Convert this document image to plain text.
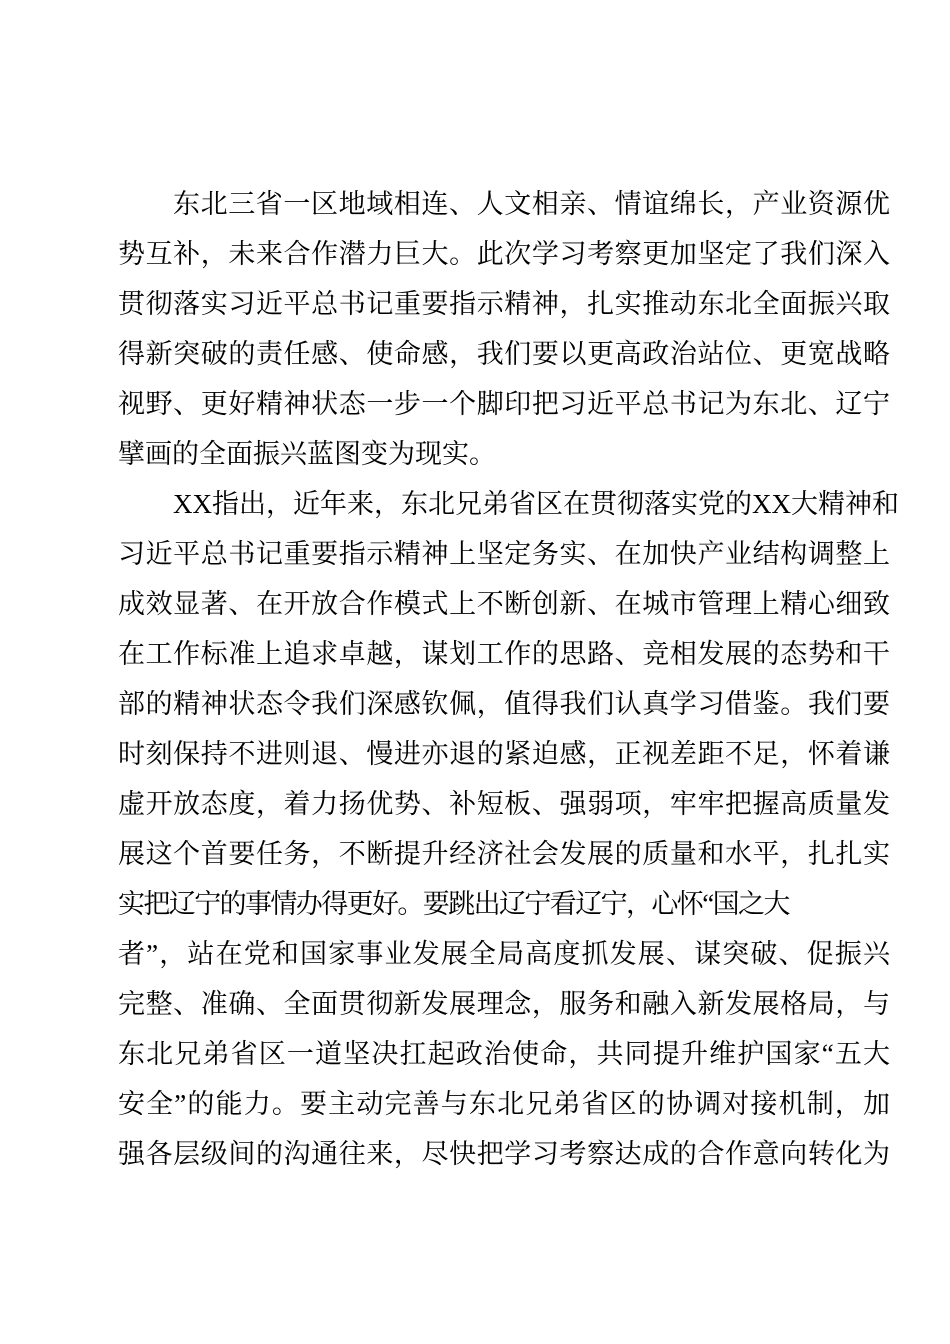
东北三省一区地域相连、人文相亲、情谊绵长，产业资源优
势互补，未来合作潜力巨大。此次学习考察更加坚定了我们深入
贯彻落实习近平总书记重要指示精神，扎实推动东北全面振兴取
得新突破的责任感、使命感，我们要以更高政治站位、更宽战略
视野、更好精神状态一步一个脚印把习近平总书记为东北、辽宁
擘画的全面振兴蓝图变为现实。
XX指出，近年来，东北兄弟省区在贯彻落实党的XX大精神和
习近平总书记重要指示精神上坚定务实、在加快产业结构调整上
成效显著、在开放合作模式上不断创新、在城市管理上精心细致
在工作标准上追求卓越，谋划工作的思路、竞相发展的态势和干
部的精神状态令我们深感钦佩，值得我们认真学习借鉴。我们要
时刻保持不进则退、慢进亦退的紧迫感，正视差距不足，怀着谦
虚开放态度，着力扬优势、补短板、强弱项，牢牢把握高质量发
展这个首要任务，不断提升经济社会发展的质量和水平，扎扎实
实把辽宁的事情办得更好。要跳出辽宁看辽宁，心怀“国之大
者”，站在党和国家事业发展全局高度抓发展、谋突破、促振兴
完整、准确、全面贯彻新发展理念，服务和融入新发展格局，与
东北兄弟省区一道坚决扛起政治使命，共同提升维护国家“五大
安全”的能力。要主动完善与东北兄弟省区的协调对接机制，加
强各层级间的沟通往来，尽快把学习考察达成的合作意向转化为
